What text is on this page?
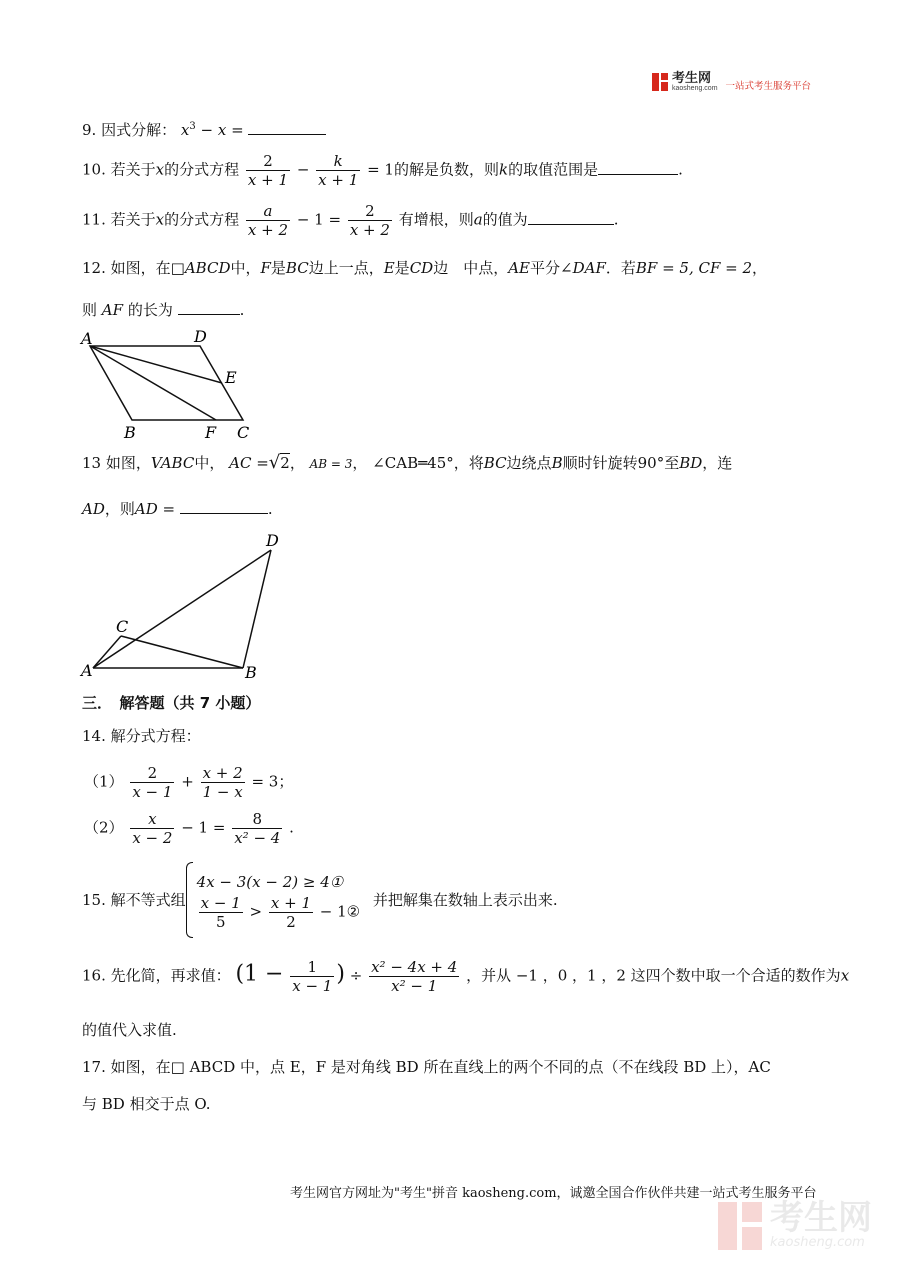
考生网
kaosheng.com 一站式考生服务平台
9. 因式分解： $x^3 - x$ =
10. 若关于x的分式方程 $\frac{2}{x + 1} - \frac{k}{x + 1} = 1$的解是负数，则k的取值范围是	.
11. 若关于x的分式方程 $\frac{a}{x + 2} - 1 = \frac{2}{x + 2}$ 有增根，则a的值为	.
12. 如图，在□ABCD中，F是BC边上一点，E是CD边　中点，AE平分∠DAF．若BF = 5, CF = 2，
则 AF 的长为	.
A	D
E
B	F C
13 如图，VABC中， AC =√2， AB = 3， ∠CAB═45°，将BC边绕点B顺时针旋转90°至BD，连
AD，则AD =	.
D
C
A	B
三．　解答题（共 7 小题）
14. 解分式方程：
$(1) \frac{2}{x - 1} + \frac{x + 2}{1 - x} = 3$；
$(2) \frac{x}{x - 2} - 1 = \frac{8}{\text{x² − 4}}$ .
15. 解不等式组
4x − 3(x − 2) ≥ 4①
$\frac{x - 1}{5} > \frac{x + 1}{2}$ − 1②
并把解集在数轴上表示出来.
16. 先化简，再求值： ($1 - \frac{1}{x - 1}$ ) ÷ $\frac{\text{x² − 4x + 4}}{\text{x² − 1}}$ ，并从 −1 ，0 ，1 ，2 这四个数中取一个合适的数作为x
的值代入求值.
17. 如图，在□ ABCD 中，点 E，F 是对角线 BD 所在直线上的两个不同的点（不在线段 BD 上），AC
与 BD 相交于点 O.
考生网官方网址为"考生"拼音 kaosheng.com，诚邀全国合作伙伴共建一站式考生服务平台
考生网
kaosheng.com
